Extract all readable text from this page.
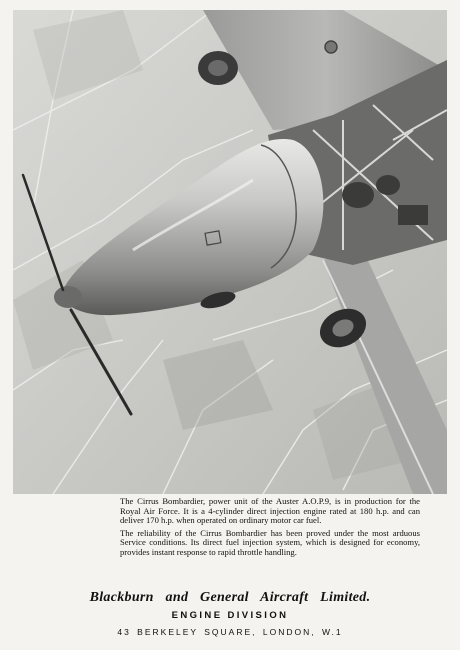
The Cirrus Bombardier, power unit of the Auster A.O.P.9, is in production for the Royal Air Force. It is a 4-cylinder direct injection engine rated at 180 h.p. and can deliver 170 h.p. when operated on ordinary motor car fuel.

The reliability of the Cirrus Bombardier has been proved under the most arduous Service conditions. Its direct fuel injection system, which is designed for economy, provides instant response to rapid throttle handling.

Blackburn and General Aircraft Limited.
ENGINE DIVISION
43 BERKELEY SQUARE, LONDON, W.1
